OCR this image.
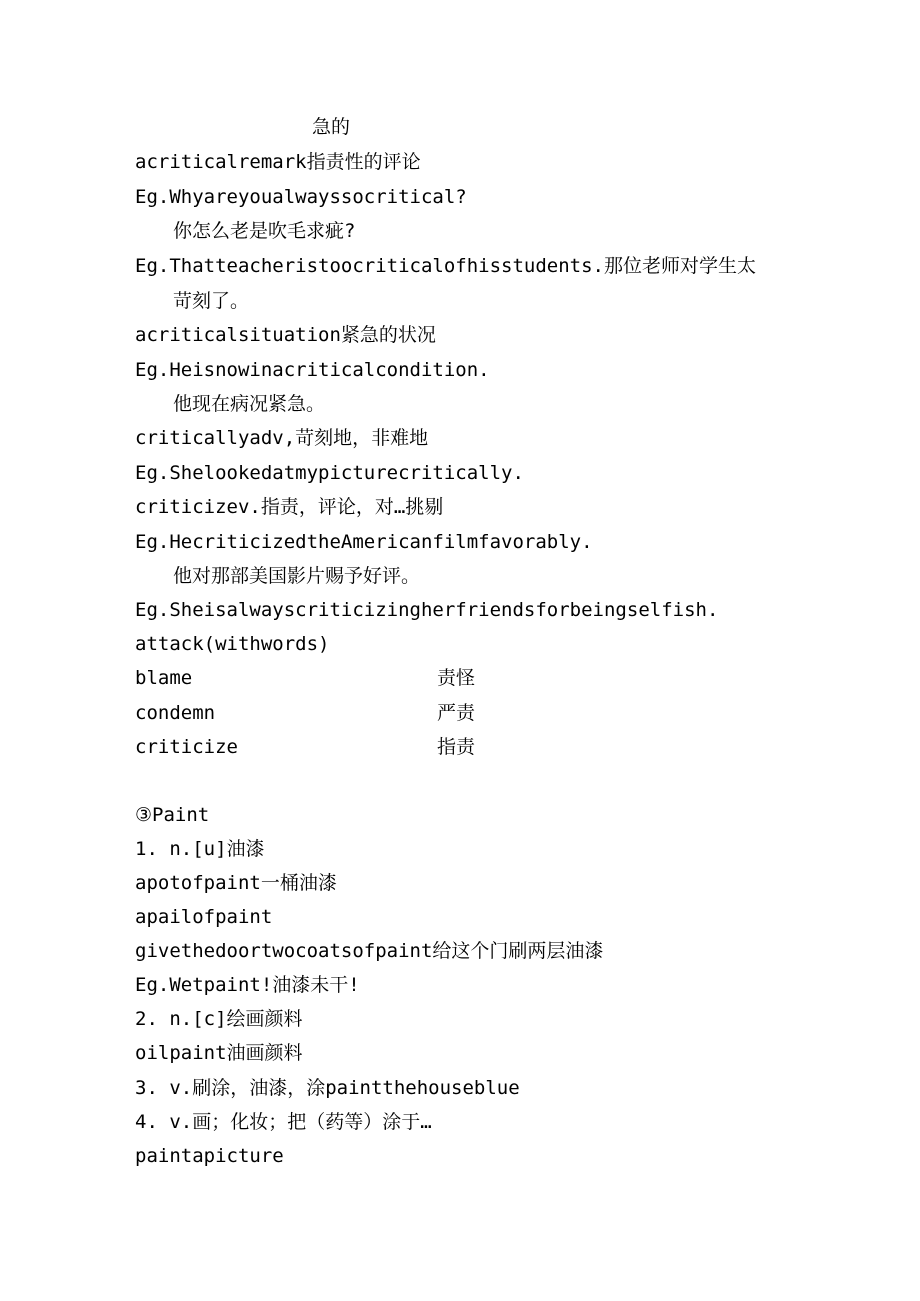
急的
acriticalremark指责性的评论
Eg.Whyareyoualwayssocritical?
你怎么老是吹毛求疵?
Eg.Thatteacheristoocriticalofhisstudents.那位老师对学生太
苛刻了。
acriticalsituation紧急的状况
Eg.Heisnowinacriticalcondition.
他现在病况紧急。
criticallyadv,苛刻地，非难地
Eg.Shelookedatmypicturecritically.
criticizev.指责，评论，对…挑剔
Eg.HecriticizedtheAmericanfilmfavorably.
他对那部美国影片赐予好评。
Eg.Sheisalwayscriticizingherfriendsforbeingselfish.
attack(withwords)
blame	责怪
condemn	严责
criticize	指责
③Paint
1. n.[u]油漆
apotofpaint一桶油漆
apailofpaint
givethedoortwocoatsofpaint给这个门刷两层油漆
Eg.Wetpaint!油漆未干!
2. n.[c]绘画颜料
oilpaint油画颜料
3. v.刷涂，油漆，涂paintthehouseblue
4. v.画；化妆；把（药等）涂于…
paintapicture
